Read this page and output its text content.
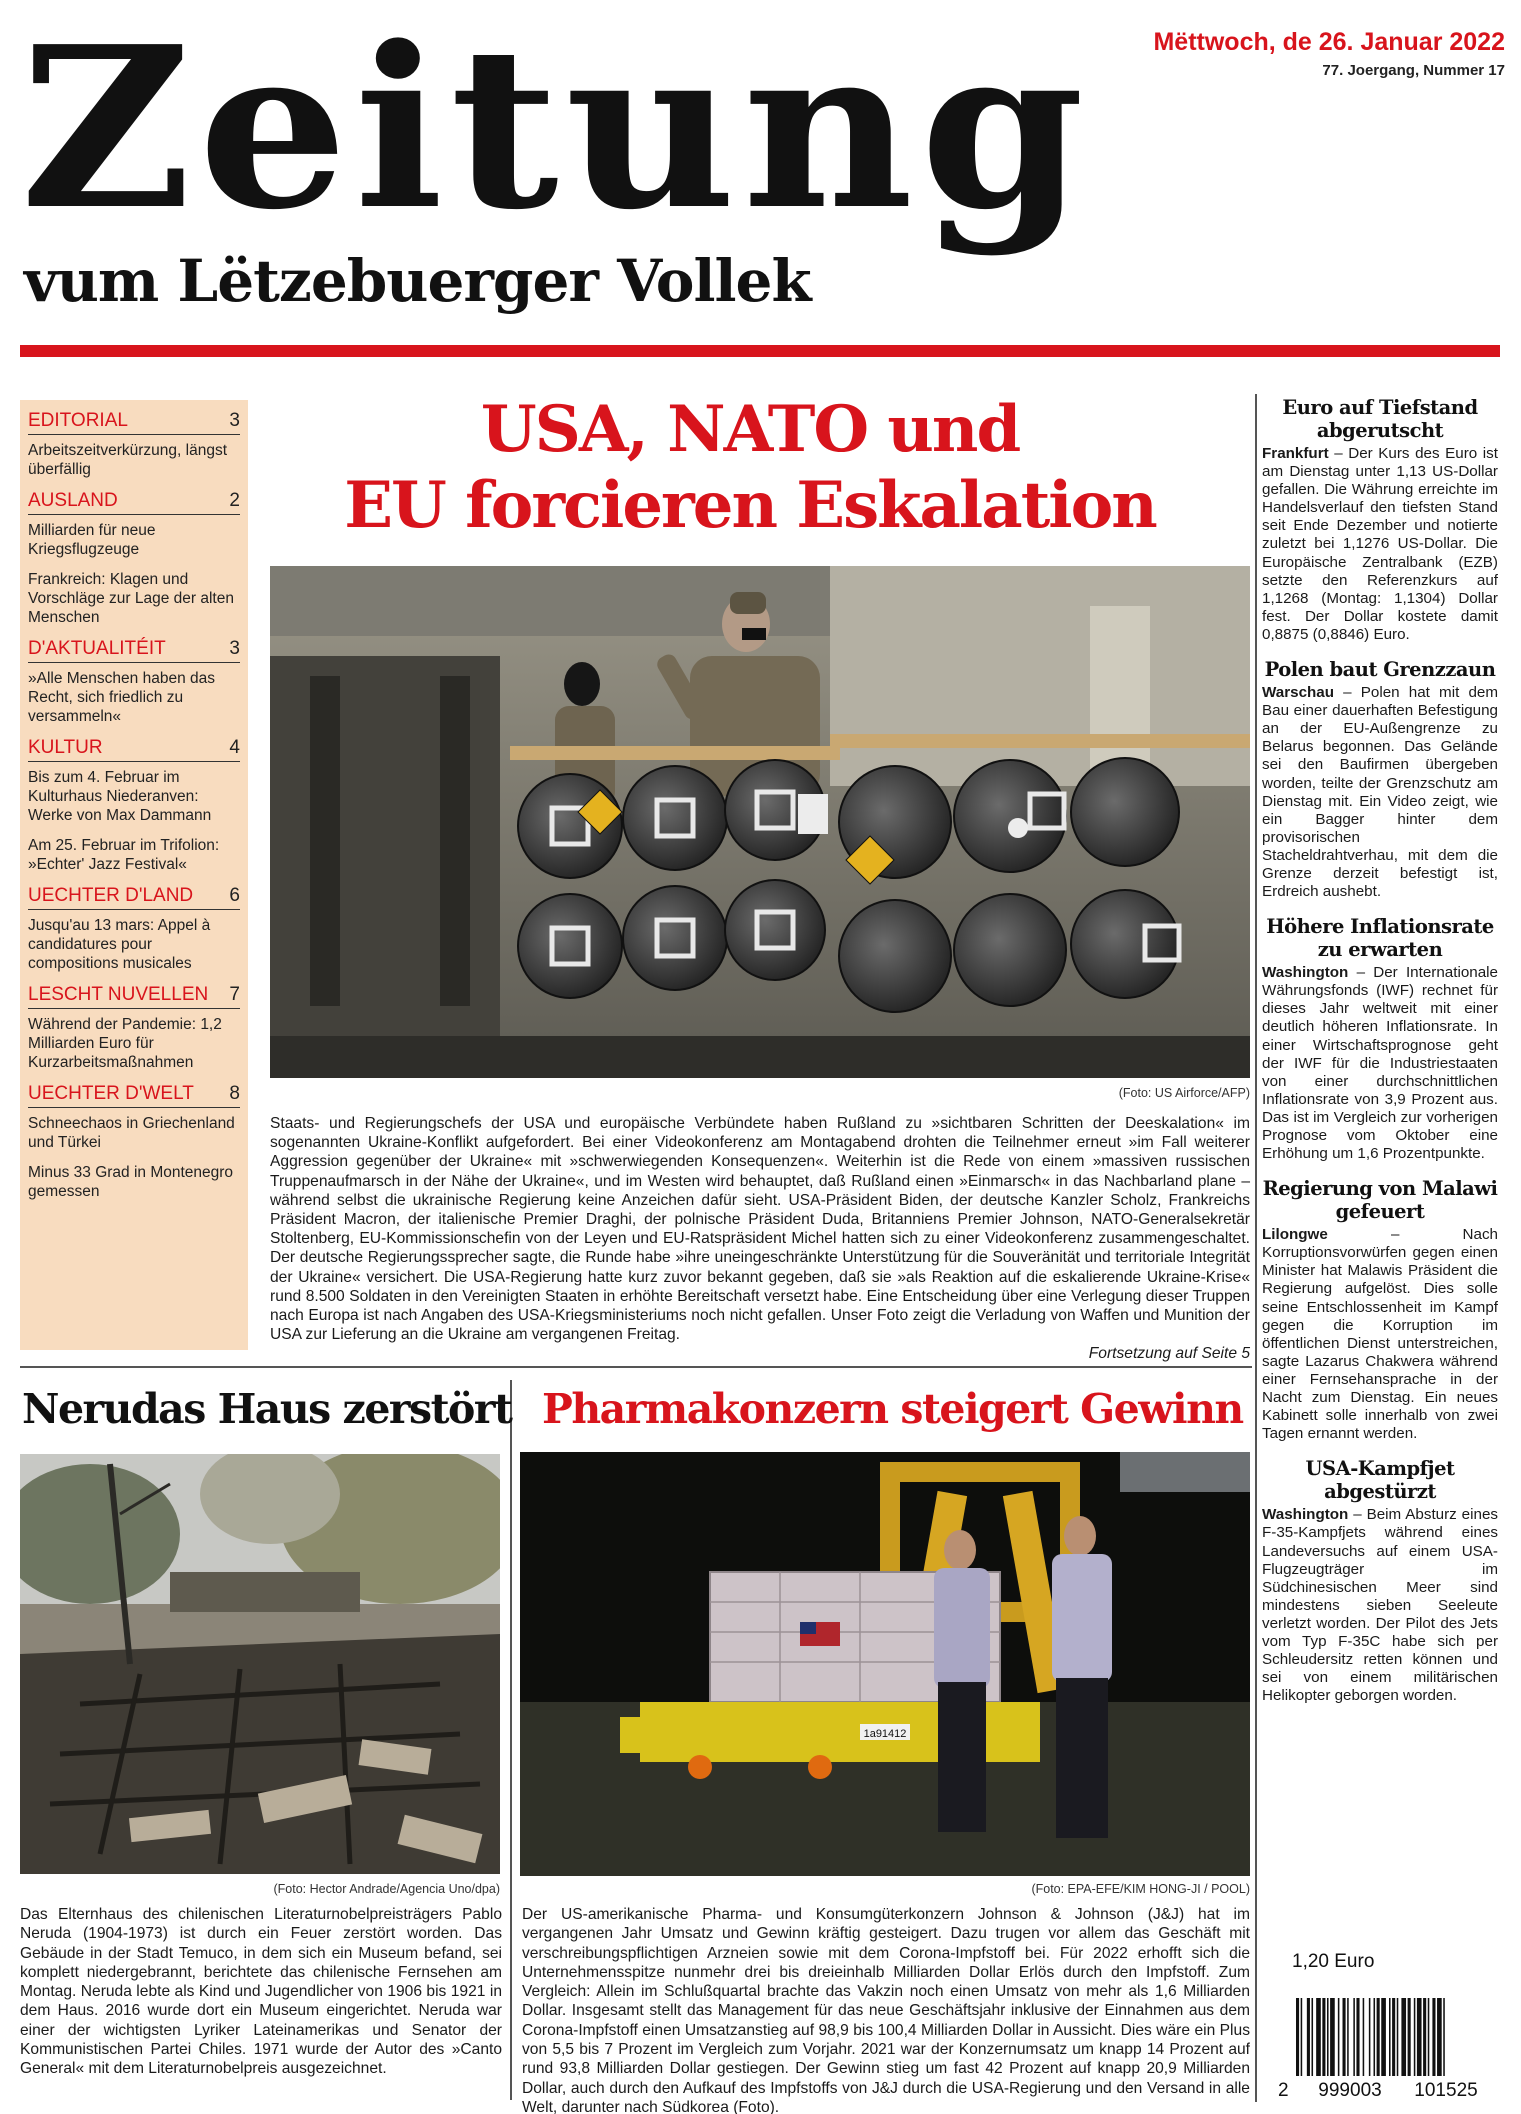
Zeitung
vum Lëtzebuerger Vollek
Mëttwoch, de 26. Januar 2022
77. Joergang, Nummer 17
EDITORIAL	3
Arbeitszeitverkürzung, längst überfällig
AUSLAND	2
Milliarden für neue Kriegsflugzeuge
Frankreich: Klagen und Vorschläge zur Lage der alten Menschen
D'AKTUALITÉIT	3
»Alle Menschen haben das Recht, sich friedlich zu versammeln«
KULTUR	4
Bis zum 4. Februar im Kulturhaus Niederanven: Werke von Max Dammann
Am 25. Februar im Trifolion: »Echter' Jazz Festival«
UECHTER D'LAND 6
Jusqu'au 13 mars: Appel à candidatures pour compositions musicales
LESCHT NUVELLEN 7
Während der Pandemie: 1,2 Milliarden Euro für Kurzarbeitsmaßnahmen
UECHTER D'WELT 8
Schneechaos in Griechenland und Türkei
Minus 33 Grad in Montenegro gemessen
USA, NATO und
EU forcieren Eskalation
(Foto: US Airforce/AFP)
Staats- und Regierungschefs der USA und europäische Verbündete haben Rußland zu »sichtbaren Schritten der Deeskalation« im sogenannten Ukraine-Konflikt aufgefordert. Bei einer Videokonferenz am Montagabend drohten die Teilnehmer erneut »im Fall weiterer Aggression gegenüber der Ukraine« mit »schwerwiegenden Konsequenzen«. Weiterhin ist die Rede von einem »massiven russischen Truppenaufmarsch in der Nähe der Ukraine«, und im Westen wird behauptet, daß Rußland einen »Einmarsch« in das Nachbarland plane – während selbst die ukrainische Regierung keine Anzeichen dafür sieht. USA-Präsident Biden, der deutsche Kanzler Scholz, Frankreichs Präsident Macron, der italienische Premier Draghi, der polnische Präsident Duda, Britanniens Premier Johnson, NATO-Generalsekretär Stoltenberg, EU-Kommissionschefin von der Leyen und EU-Ratspräsident Michel hatten sich zu einer Videokonferenz zusammengeschaltet. Der deutsche Regierungssprecher sagte, die Runde habe »ihre uneingeschränkte Unterstützung für die Souveränität und territoriale Integrität der Ukraine« versichert. Die USA-Regierung hatte kurz zuvor bekannt gegeben, daß sie »als Reaktion auf die eskalierende Ukraine-Krise« rund 8.500 Soldaten in den Vereinigten Staaten in erhöhte Bereitschaft versetzt habe. Eine Entscheidung über eine Verlegung dieser Truppen nach Europa ist nach Angaben des USA-Kriegsministeriums noch nicht gefallen. Unser Foto zeigt die Verladung von Waffen und Munition der USA zur Lieferung an die Ukraine am vergangenen Freitag.
Fortsetzung auf Seite 5
Euro auf Tiefstand abgerutscht
Frankfurt – Der Kurs des Euro ist am Dienstag unter 1,13 US-Dollar gefallen. Die Währung erreichte im Handelsverlauf den tiefsten Stand seit Ende Dezember und notierte zuletzt bei 1,1276 US-Dollar. Die Europäische Zentralbank (EZB) setzte den Referenzkurs auf 1,1268 (Montag: 1,1304) Dollar fest. Der Dollar kostete damit 0,8875 (0,8846) Euro.
Polen baut Grenzzaun
Warschau – Polen hat mit dem Bau einer dauerhaften Befestigung an der EU-Außengrenze zu Belarus begonnen. Das Gelände sei den Baufirmen übergeben worden, teilte der Grenzschutz am Dienstag mit. Ein Video zeigt, wie ein Bagger hinter dem provisorischen Stacheldrahtverhau, mit dem die Grenze derzeit befestigt ist, Erdreich aushebt.
Höhere Inflationsrate zu erwarten
Washington – Der Internationale Währungsfonds (IWF) rechnet für dieses Jahr weltweit mit einer deutlich höheren Inflationsrate. In einer Wirtschaftsprognose geht der IWF für die Industriestaaten von einer durchschnittlichen Inflationsrate von 3,9 Prozent aus. Das ist im Vergleich zur vorherigen Prognose vom Oktober eine Erhöhung um 1,6 Prozentpunkte.
Regierung von Malawi gefeuert
Lilongwe – Nach Korruptionsvorwürfen gegen einen Minister hat Malawis Präsident die Regierung aufgelöst. Dies solle seine Entschlossenheit im Kampf gegen die Korruption im öffentlichen Dienst unterstreichen, sagte Lazarus Chakwera während einer Fernsehansprache in der Nacht zum Dienstag. Ein neues Kabinett solle innerhalb von zwei Tagen ernannt werden.
USA-Kampfjet abgestürzt
Washington – Beim Absturz eines F-35-Kampfjets während eines Landeversuchs auf einem USA-Flugzeugträger im Südchinesischen Meer sind mindestens sieben Seeleute verletzt worden. Der Pilot des Jets vom Typ F-35C habe sich per Schleudersitz retten können und sei von einem militärischen Helikopter geborgen worden.
Nerudas Haus zerstört
(Foto: Hector Andrade/Agencia Uno/dpa)
Das Elternhaus des chilenischen Literaturnobelpreisträgers Pablo Neruda (1904-1973) ist durch ein Feuer zerstört worden. Das Gebäude in der Stadt Temuco, in dem sich ein Museum befand, sei komplett niedergebrannt, berichtete das chilenische Fernsehen am Montag. Neruda lebte als Kind und Jugendlicher von 1906 bis 1921 in dem Haus. 2016 wurde dort ein Museum eingerichtet. Neruda war einer der wichtigsten Lyriker Lateinamerikas und Senator der Kommunistischen Partei Chiles. 1971 wurde der Autor des »Canto General« mit dem Literaturnobelpreis ausgezeichnet.
Pharmakonzern steigert Gewinn
1a91412
(Foto: EPA-EFE/KIM HONG-JI / POOL)
Der US-amerikanische Pharma- und Konsumgüterkonzern Johnson & Johnson (J&J) hat im vergangenen Jahr Umsatz und Gewinn kräftig gesteigert. Dazu trugen vor allem das Geschäft mit verschreibungspflichtigen Arzneien sowie mit dem Corona-Impfstoff bei. Für 2022 erhofft sich die Unternehmensspitze nunmehr drei bis dreieinhalb Milliarden Dollar Erlös durch den Impfstoff. Zum Vergleich: Allein im Schlußquartal brachte das Vakzin noch einen Umsatz von mehr als 1,6 Milliarden Dollar. Insgesamt stellt das Management für das neue Geschäftsjahr inklusive der Einnahmen aus dem Corona-Impfstoff einen Umsatzanstieg auf 98,9 bis 100,4 Milliarden Dollar in Aussicht. Dies wäre ein Plus von 5,5 bis 7 Prozent im Vergleich zum Vorjahr. 2021 war der Konzernumsatz um knapp 14 Prozent auf rund 93,8 Milliarden Dollar gestiegen. Der Gewinn stieg um fast 42 Prozent auf knapp 20,9 Milliarden Dollar, auch durch den Aufkauf des Impfstoffs von J&J durch die USA-Regierung und den Versand in alle Welt, darunter nach Südkorea (Foto).
1,20 Euro
2 999003 101525
